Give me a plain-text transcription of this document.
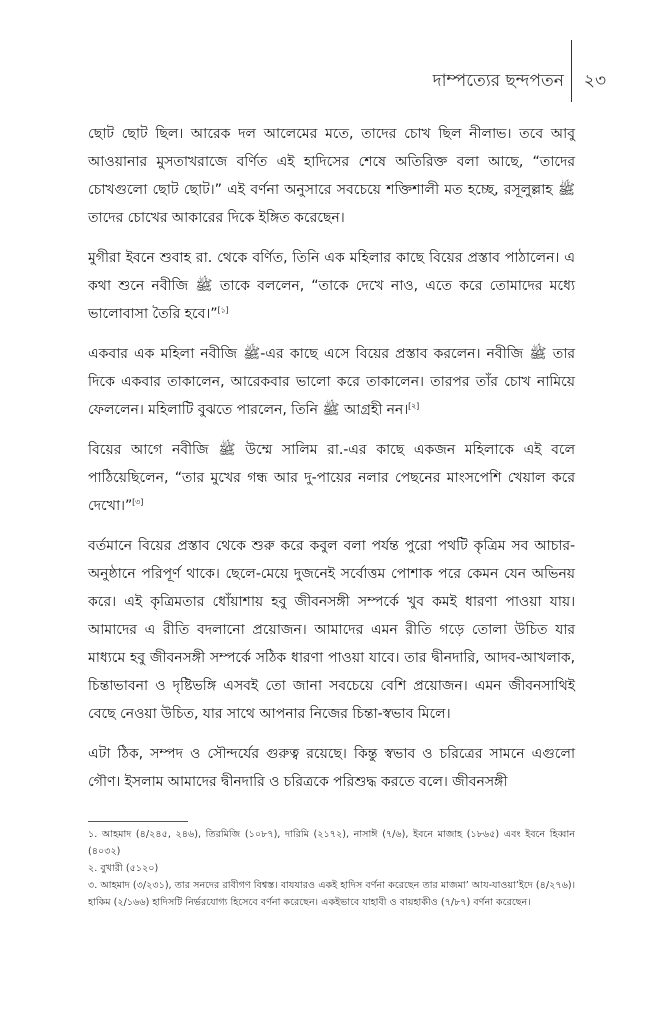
দাম্পত্যের ছন্দপতন	২৩

ছোট ছোট ছিল। আরেক দল আলেমের মতে, তাদের চোখ ছিল নীলাভ। তবে আবু আওয়ানার মুসতাখরাজে বর্ণিত এই হাদিসের শেষে অতিরিক্ত বলা আছে, “তাদের চোখগুলো ছোট ছোট।” এই বর্ণনা অনুসারে সবচেয়ে শক্তিশালী মত হচ্ছে, রসূলুল্লাহ ﷺ তাদের চোখের আকারের দিকে ইঙ্গিত করেছেন।

মুগীরা ইবনে শুবাহ রা. থেকে বর্ণিত, তিনি এক মহিলার কাছে বিয়ের প্রস্তাব পাঠালেন। এ কথা শুনে নবীজি ﷺ তাকে বললেন, “তাকে দেখে নাও, এতে করে তোমাদের মধ্যে ভালোবাসা তৈরি হবে।”[১]

একবার এক মহিলা নবীজি ﷺ-এর কাছে এসে বিয়ের প্রস্তাব করলেন। নবীজি ﷺ তার দিকে একবার তাকালেন, আরেকবার ভালো করে তাকালেন। তারপর তাঁর চোখ নামিয়ে ফেললেন। মহিলাটি বুঝতে পারলেন, তিনি ﷺ আগ্রহী নন।[২]

বিয়ের আগে নবীজি ﷺ উম্মে সালিম রা.-এর কাছে একজন মহিলাকে এই বলে পাঠিয়েছিলেন, “তার মুখের গন্ধ আর দু-পায়ের নলার পেছনের মাংসপেশি খেয়াল করে দেখো।”[৩]

বর্তমানে বিয়ের প্রস্তাব থেকে শুরু করে কবুল বলা পর্যন্ত পুরো পথটি কৃত্রিম সব আচার-অনুষ্ঠানে পরিপূর্ণ থাকে। ছেলে-মেয়ে দুজনেই সর্বোত্তম পোশাক পরে কেমন যেন অভিনয় করে। এই কৃত্রিমতার ধোঁয়াশায় হবু জীবনসঙ্গী সম্পর্কে খুব কমই ধারণা পাওয়া যায়। আমাদের এ রীতি বদলানো প্রয়োজন। আমাদের এমন রীতি গড়ে তোলা উচিত যার মাধ্যমে হবু জীবনসঙ্গী সম্পর্কে সঠিক ধারণা পাওয়া যাবে। তার দ্বীনদারি, আদব-আখলাক, চিন্তাভাবনা ও দৃষ্টিভঙ্গি এসবই তো জানা সবচেয়ে বেশি প্রয়োজন। এমন জীবনসাথিই বেছে নেওয়া উচিত, যার সাথে আপনার নিজের চিন্তা-স্বভাব মিলে।

এটা ঠিক, সম্পদ ও সৌন্দর্যের গুরুত্ব রয়েছে। কিন্তু স্বভাব ও চরিত্রের সামনে এগুলো গৌণ। ইসলাম আমাদের দ্বীনদারি ও চরিত্রকে পরিশুদ্ধ করতে বলে। জীবনসঙ্গী

১. আহমাদ (৪/২৪৫, ২৪৬), তিরমিজি (১০৮৭), দারিমি (২১৭২), নাসাঈ (৭/৬), ইবনে মাজাহ (১৮৬৫) এবং ইবনে হিব্বান (৪০৩২)

২. বুখারী (৫১২০)

৩. আহমাদ (৩/২৩১), তার সনদের রাবীগণ বিশ্বস্ত। বাযযারও একই হাদিস বর্ণনা করেছেন তার মাজমা’ আয-যাওয়া’ইদে (৪/২৭৬)। হাকিম (২/১৬৬) হাদিসটি নির্ভরযোগ্য হিসেবে বর্ণনা করেছেন। একইভাবে যাহাবী ও বায়হাকীও (৭/৮৭) বর্ণনা করেছেন।
